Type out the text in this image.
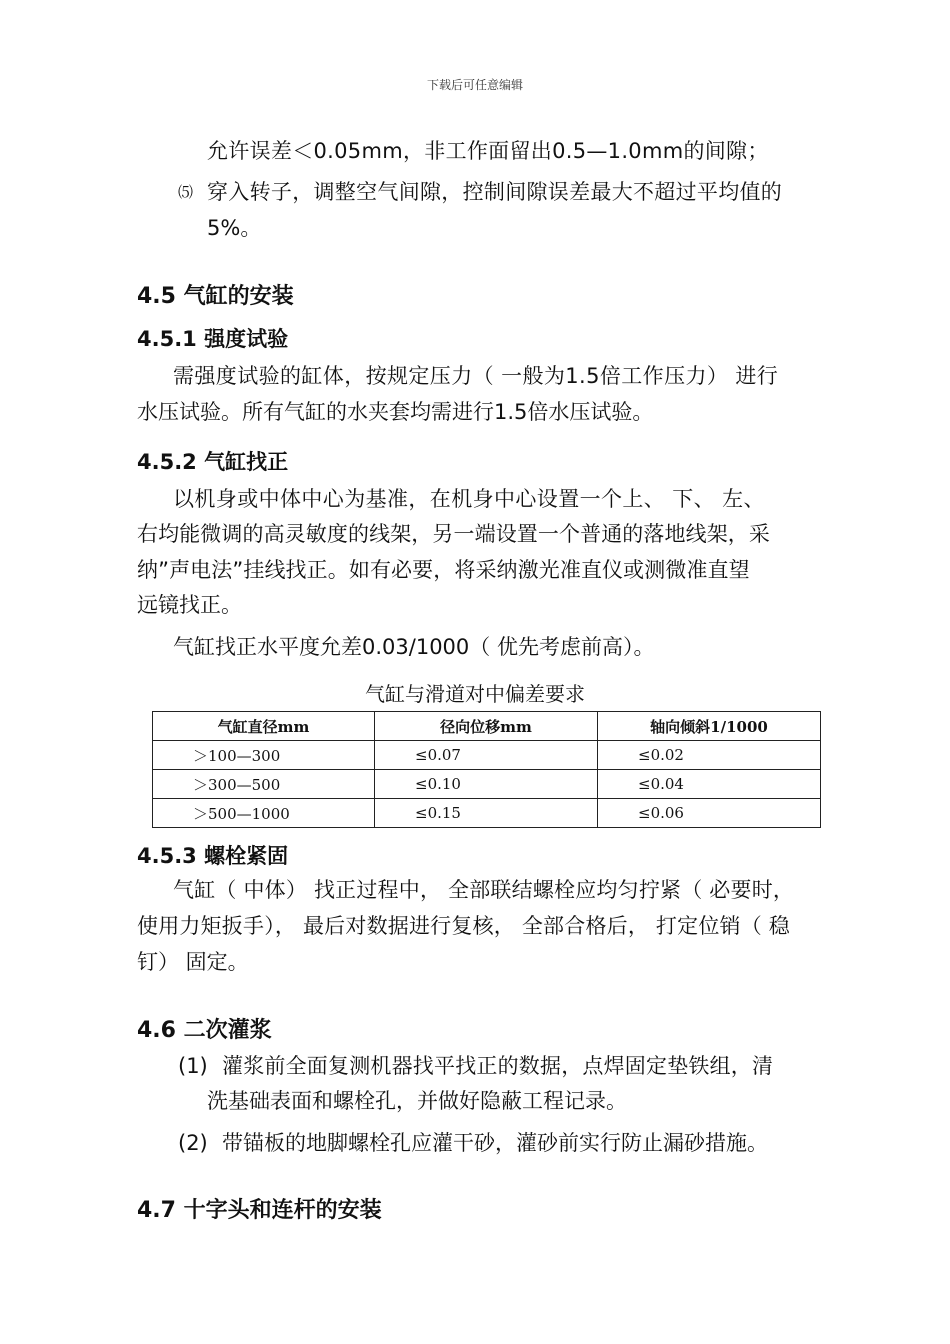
下载后可任意编辑
允许误差＜0.05mm，非工作面留出0.5—1.0mm的间隙；
⑸ 穿入转子，调整空气间隙，控制间隙误差最大不超过平均值的
5%。
4.5 气缸的安装
4.5.1 强度试验
需强度试验的缸体，按规定压力（ 一般为1.5倍工作压力） 进行
水压试验。所有气缸的水夹套均需进行1.5倍水压试验。
4.5.2 气缸找正
以机身或中体中心为基准，在机身中心设置一个上、 下、 左、
右均能微调的高灵敏度的线架，另一端设置一个普通的落地线架，采
纳”声电法”挂线找正。如有必要，将采纳激光准直仪或测微准直望
远镜找正。
气缸找正水平度允差0.03/1000（ 优先考虑前高）。
气缸与滑道对中偏差要求
气缸直径mm	径向位移mm	轴向倾斜1/1000
＞100—300	≤0.07	≤0.02
＞300—500	≤0.10	≤0.04
＞500—1000	≤0.15	≤0.06
4.5.3 螺栓紧固
气缸（ 中体） 找正过程中， 全部联结螺栓应均匀拧紧（ 必要时，
使用力矩扳手）， 最后对数据进行复核， 全部合格后， 打定位销（ 稳
钉） 固定。
4.6 二次灌浆
(1) 灌浆前全面复测机器找平找正的数据，点焊固定垫铁组，清
洗基础表面和螺栓孔，并做好隐蔽工程记录。
(2) 带锚板的地脚螺栓孔应灌干砂，灌砂前实行防止漏砂措施。
4.7 十字头和连杆的安装
